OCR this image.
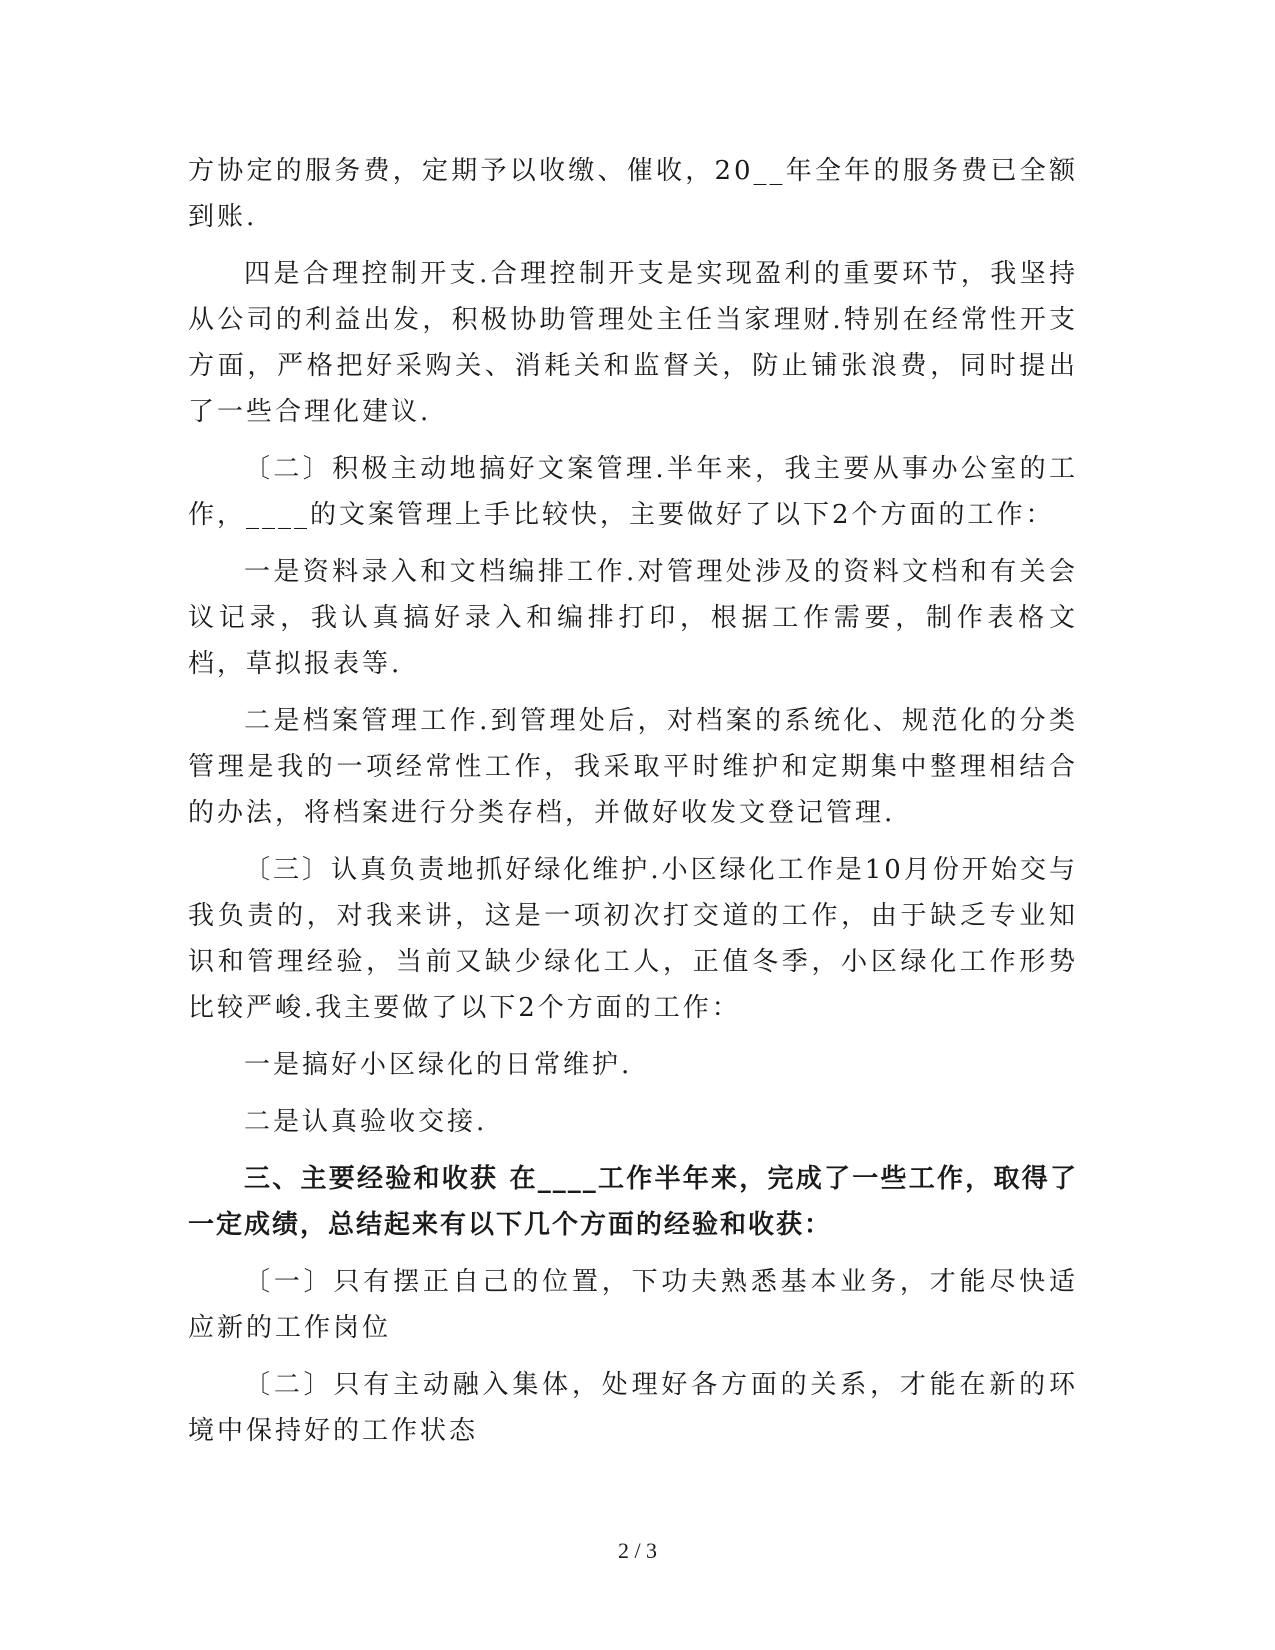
方协定的服务费，定期予以收缴、催收，20__年全年的服务费已全额到账.

四是合理控制开支.合理控制开支是实现盈利的重要环节，我坚持从公司的利益出发，积极协助管理处主任当家理财.特别在经常性开支方面，严格把好采购关、消耗关和监督关，防止铺张浪费，同时提出了一些合理化建议.

〔二〕积极主动地搞好文案管理.半年来，我主要从事办公室的工作，____的文案管理上手比较快，主要做好了以下2个方面的工作：

一是资料录入和文档编排工作.对管理处涉及的资料文档和有关会议记录，我认真搞好录入和编排打印，根据工作需要，制作表格文档，草拟报表等.

二是档案管理工作.到管理处后，对档案的系统化、规范化的分类管理是我的一项经常性工作，我采取平时维护和定期集中整理相结合的办法，将档案进行分类存档，并做好收发文登记管理.

〔三〕认真负责地抓好绿化维护.小区绿化工作是10月份开始交与我负责的，对我来讲，这是一项初次打交道的工作，由于缺乏专业知识和管理经验，当前又缺少绿化工人，正值冬季，小区绿化工作形势比较严峻.我主要做了以下2个方面的工作：

一是搞好小区绿化的日常维护.

二是认真验收交接.

三、主要经验和收获 在____工作半年来，完成了一些工作，取得了一定成绩，总结起来有以下几个方面的经验和收获：

〔一〕只有摆正自己的位置，下功夫熟悉基本业务，才能尽快适应新的工作岗位

〔二〕只有主动融入集体，处理好各方面的关系，才能在新的环境中保持好的工作状态

2 / 3
